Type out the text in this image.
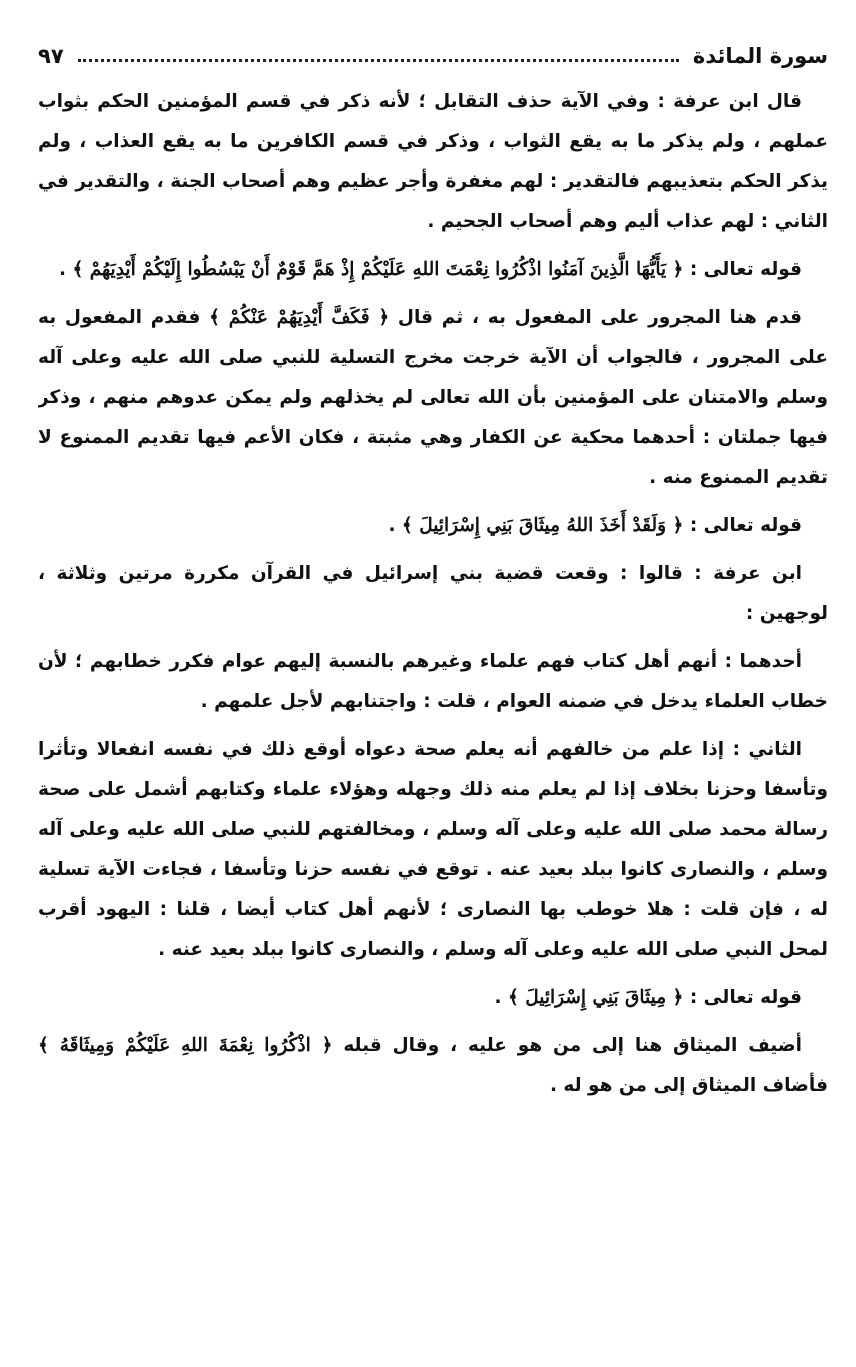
سورة المائدة
٩٧

قال ابن عرفة : وفي الآية حذف التقابل ؛ لأنه ذكر في قسم المؤمنين الحكم بثواب عملهم ، ولم يذكر ما به يقع الثواب ، وذكر في قسم الكافرين ما به يقع العذاب ، ولم يذكر الحكم بتعذيبهم فالتقدير : لهم مغفرة وأجر عظيم وهم أصحاب الجنة ، والتقدير في الثاني : لهم عذاب أليم وهم أصحاب الجحيم .

قوله تعالى : ﴿ يَأَيُّهَا الَّذِينَ آمَنُوا اذْكُرُوا نِعْمَتَ اللهِ عَلَيْكُمْ إِذْ هَمَّ قَوْمٌ أَنْ يَبْسُطُوا إِلَيْكُمْ أَيْدِيَهُمْ ﴾ .

قدم هنا المجرور على المفعول به ، ثم قال ﴿ فَكَفَّ أَيْدِيَهُمْ عَنْكُمْ ﴾ فقدم المفعول به على المجرور ، فالجواب أن الآية خرجت مخرج التسلية للنبي صلى الله عليه وعلى آله وسلم والامتنان على المؤمنين بأن الله تعالى لم يخذلهم ولم يمكن عدوهم منهم ، وذكر فيها جملتان : أحدهما محكية عن الكفار وهي مثبتة ، فكان الأعم فيها تقديم الممنوع لا تقديم الممنوع منه .

قوله تعالى : ﴿ وَلَقَدْ أَخَذَ اللهُ مِيثَاقَ بَنِي إِسْرَائِيلَ ﴾ .

ابن عرفة : قالوا : وقعت قضية بني إسرائيل في القرآن مكررة مرتين وثلاثة ، لوجهين :

أحدهما : أنهم أهل كتاب فهم علماء وغيرهم بالنسبة إليهم عوام فكرر خطابهم ؛ لأن خطاب العلماء يدخل في ضمنه العوام ، قلت : واجتنابهم لأجل علمهم .

الثاني : إذا علم من خالفهم أنه يعلم صحة دعواه أوقع ذلك في نفسه انفعالا وتأثرا وتأسفا وحزنا بخلاف إذا لم يعلم منه ذلك وجهله وهؤلاء علماء وكتابهم أشمل على صحة رسالة محمد صلى الله عليه وعلى آله وسلم ، ومخالفتهم للنبي صلى الله عليه وعلى آله وسلم ، والنصارى كانوا ببلد بعيد عنه . توقع في نفسه حزنا وتأسفا ، فجاءت الآية تسلية له ، فإن قلت : هلا خوطب بها النصارى ؛ لأنهم أهل كتاب أيضا ، قلنا : اليهود أقرب لمحل النبي صلى الله عليه وعلى آله وسلم ، والنصارى كانوا ببلد بعيد عنه .

قوله تعالى : ﴿ مِيثَاقَ بَنِي إِسْرَائِيلَ ﴾ .

أضيف الميثاق هنا إلى من هو عليه ، وقال قبله ﴿ اذْكُرُوا نِعْمَةَ اللهِ عَلَيْكُمْ وَمِيثَاقَهُ ﴾ فأضاف الميثاق إلى من هو له .
